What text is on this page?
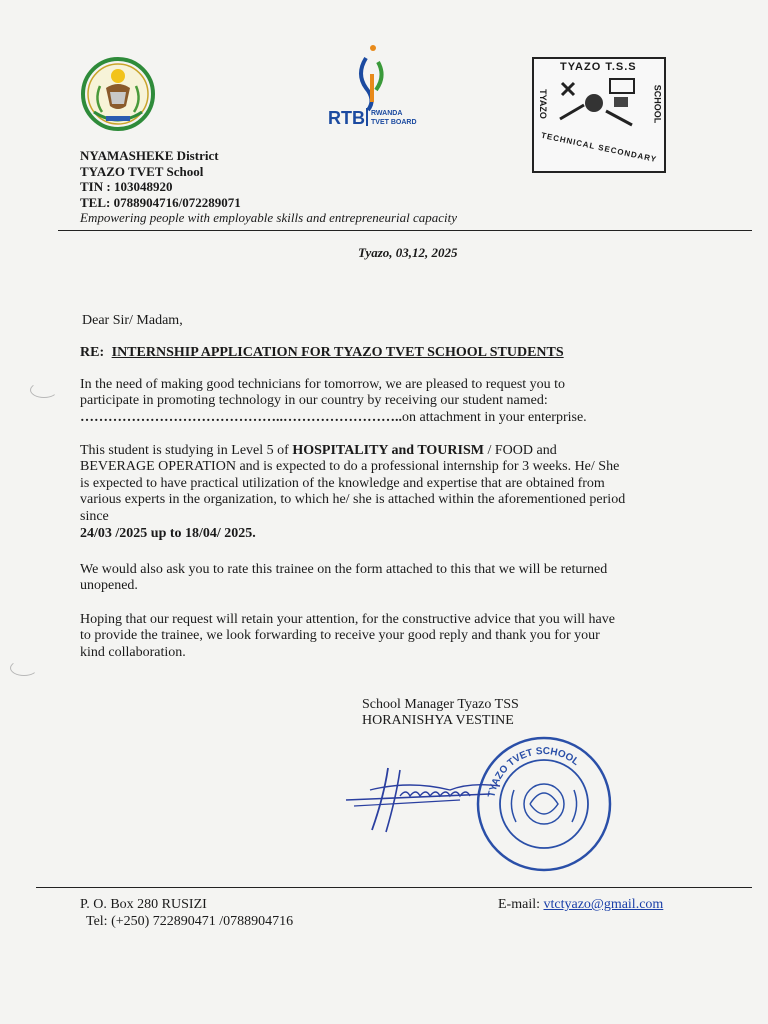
RTB RWANDA
TVET BOARD
TYAZO T.S.S
TYAZO	SCHOOL
TECHNICAL SECONDARY

NYAMASHEKE District

TYAZO TVET School

TIN : 103048920

TEL: 0788904716/072289071

Empowering people with employable skills and entrepreneurial capacity
Tyazo, 03,12, 2025
Dear Sir/ Madam,
RE: INTERNSHIP APPLICATION FOR TYAZO TVET SCHOOL STUDENTS

In the need of making good technicians for tomorrow, we are pleased to request you to

participate in promoting technology in our country by receiving our student named:

……………………………………..……………………..on attachment in your enterprise.

This student is studying in Level 5 of HOSPITALITY and TOURISM / FOOD and

BEVERAGE OPERATION and is expected to do a professional internship for 3 weeks. He/ She

is expected to have practical utilization of the knowledge and expertise that are obtained from

various experts in the organization, to which he/ she is attached within the aforementioned period

since

24/03 /2025 up to 18/04/ 2025.

We would also ask you to rate this trainee on the form attached to this that we will be returned

unopened.

Hoping that our request will retain your attention, for the constructive advice that you will have

to provide the trainee, we look forwarding to receive your good reply and thank you for your

kind collaboration.

School Manager Tyazo TSS

HORANISHYA VESTINE

TYAZO TVET SCHOOL
P. O. Box 280 RUSIZI
Tel: (+250) 722890471 /0788904716
E-mail: vtctyazo@gmail.com
